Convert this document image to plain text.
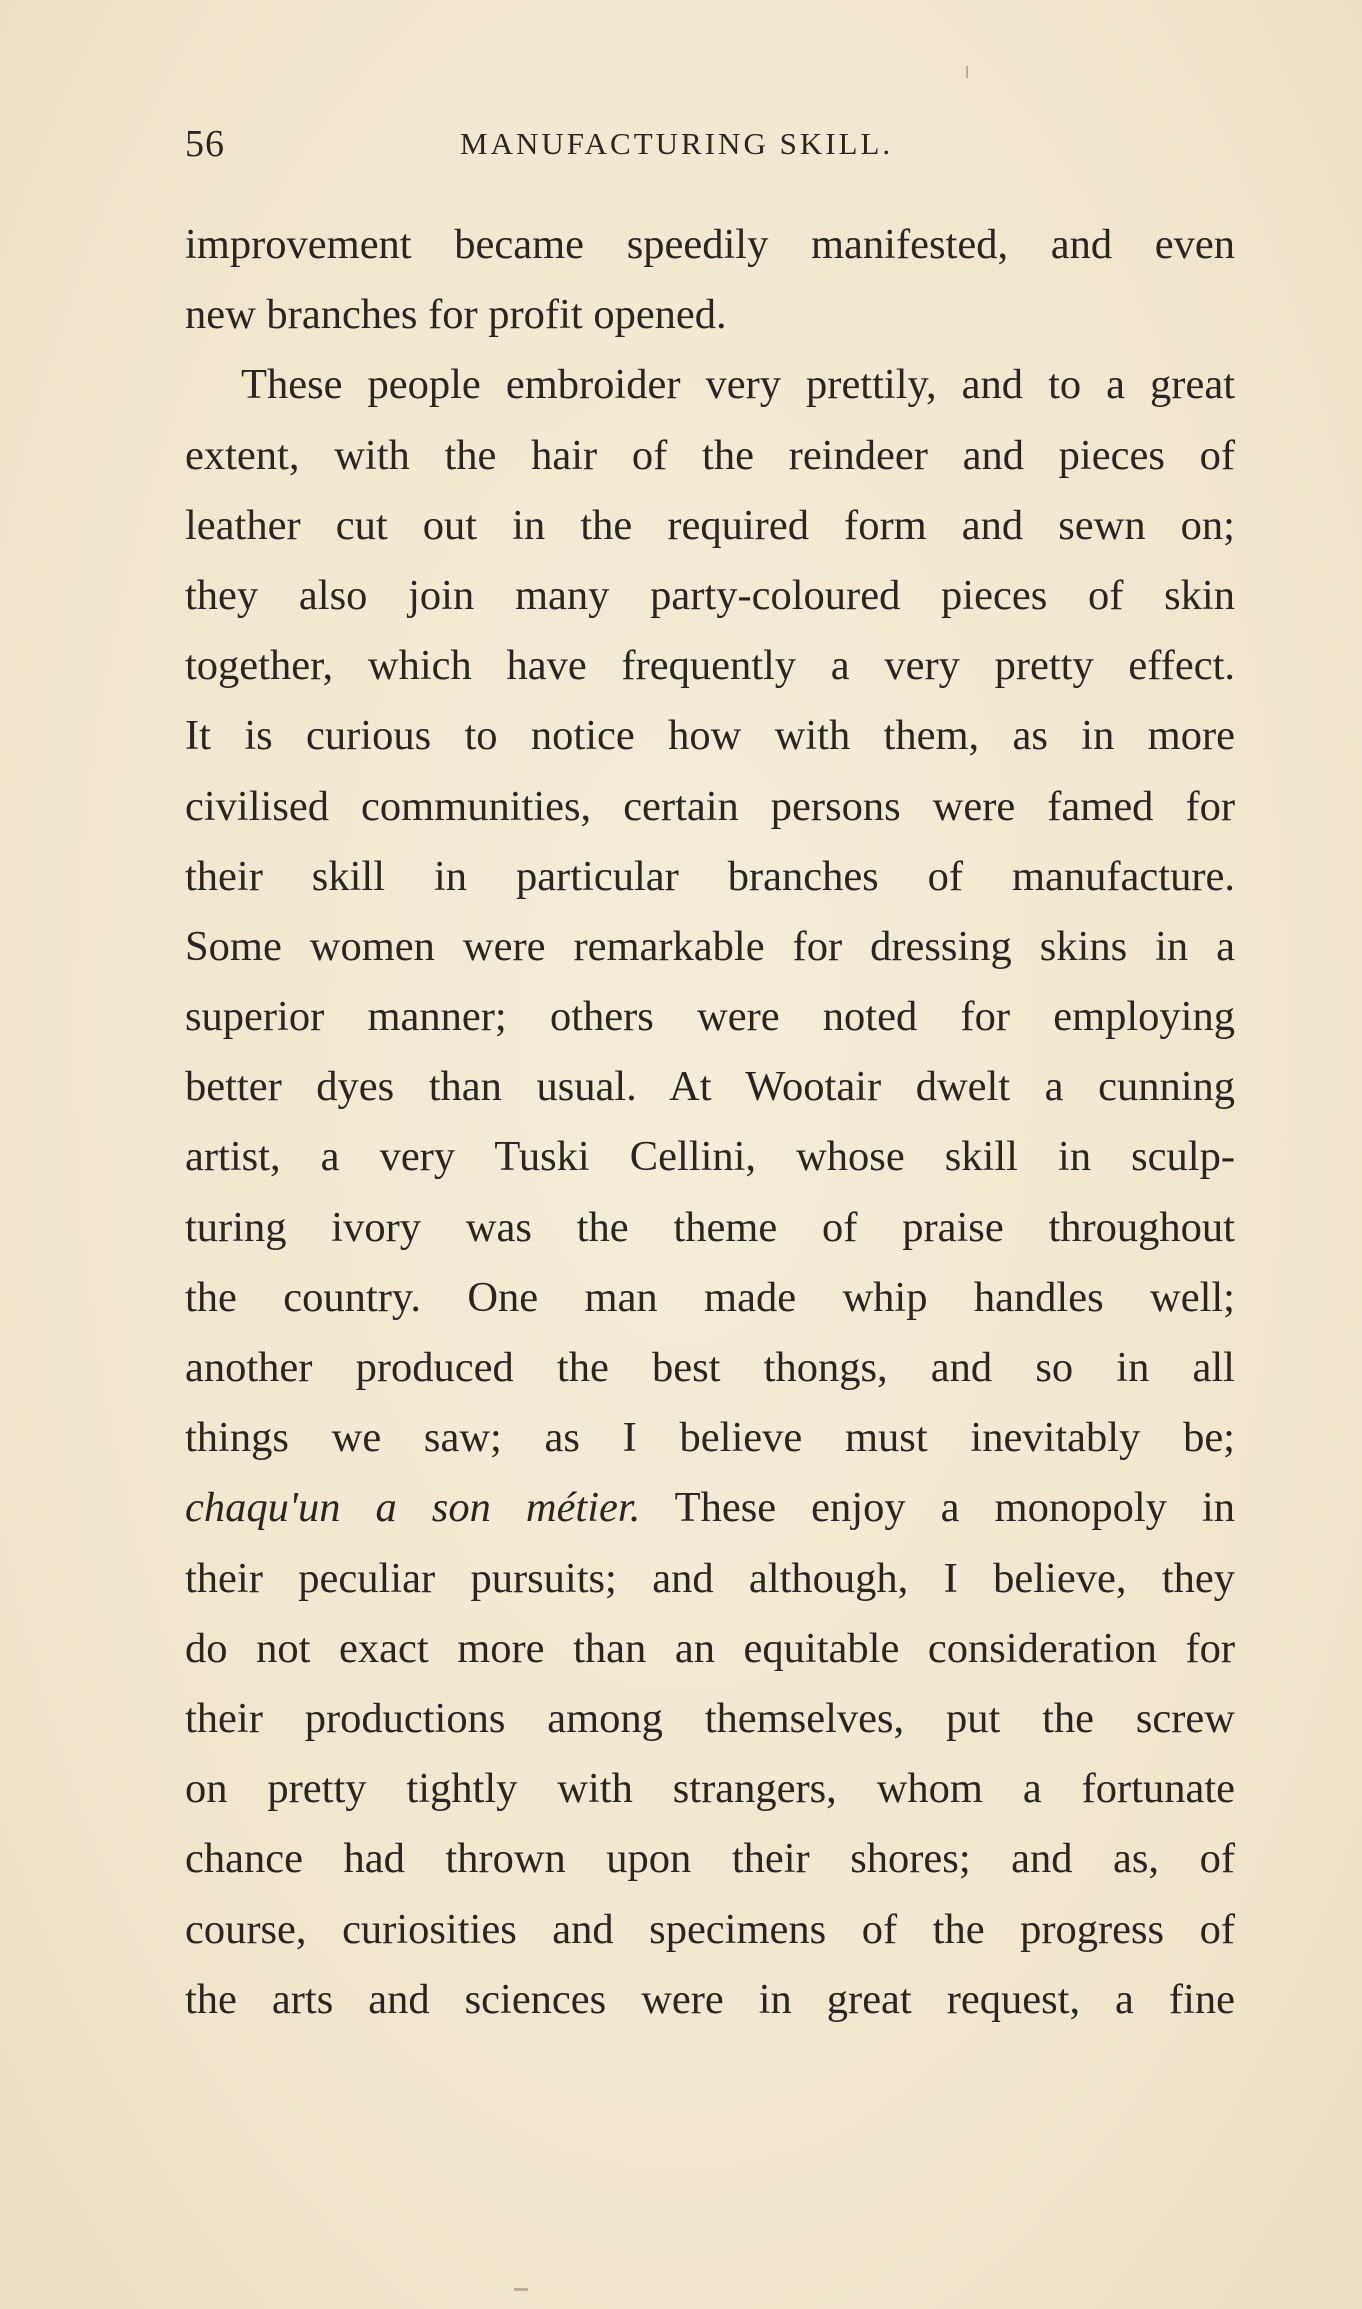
56	MANUFACTURING SKILL.
improvement became speedily manifested, and even
new branches for profit opened.
These people embroider very prettily, and to a great
extent, with the hair of the reindeer and pieces of
leather cut out in the required form and sewn on;
they also join many party-coloured pieces of skin
together, which have frequently a very pretty effect.
It is curious to notice how with them, as in more
civilised communities, certain persons were famed for
their skill in particular branches of manufacture.
Some women were remarkable for dressing skins in a
superior manner; others were noted for employing
better dyes than usual. At Wootair dwelt a cunning
artist, a very Tuski Cellini, whose skill in sculp-
turing ivory was the theme of praise throughout
the country. One man made whip handles well;
another produced the best thongs, and so in all
things we saw; as I believe must inevitably be;
chaqu'un a son métier. These enjoy a monopoly in
their peculiar pursuits; and although, I believe, they
do not exact more than an equitable consideration for
their productions among themselves, put the screw
on pretty tightly with strangers, whom a fortunate
chance had thrown upon their shores; and as, of
course, curiosities and specimens of the progress of
the arts and sciences were in great request, a fine
